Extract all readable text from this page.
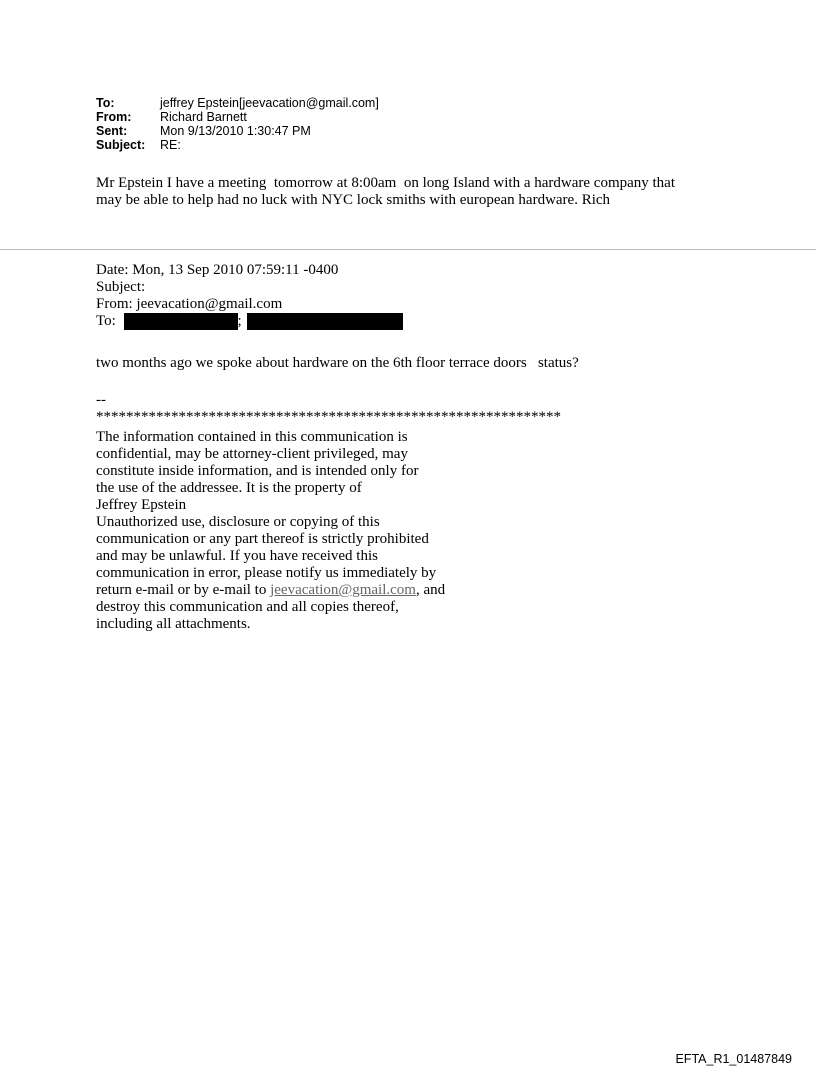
To:	jeffrey Epstein[jeevacation@gmail.com]
From:	Richard Barnett
Sent:	Mon 9/13/2010 1:30:47 PM
Subject:	RE:

Mr Epstein I have a meeting  tomorrow at 8:00am  on long Island with a hardware company that

may be able to help had no luck with NYC lock smiths with european hardware. Rich

Date: Mon, 13 Sep 2010 07:59:11 -0400
Subject:
From: jeevacation@gmail.com
To:	;
two months ago we spoke about hardware on the 6th floor terrace doors   status?
--
**************************************************************
The information contained in this communication is
confidential, may be attorney-client privileged, may
constitute inside information, and is intended only for
the use of the addressee. It is the property of
Jeffrey Epstein
Unauthorized use, disclosure or copying of this
communication or any part thereof is strictly prohibited
and may be unlawful. If you have received this
communication in error, please notify us immediately by
return e-mail or by e-mail to jeevacation@gmail.com, and
destroy this communication and all copies thereof,
including all attachments.
EFTA_R1_01487849
